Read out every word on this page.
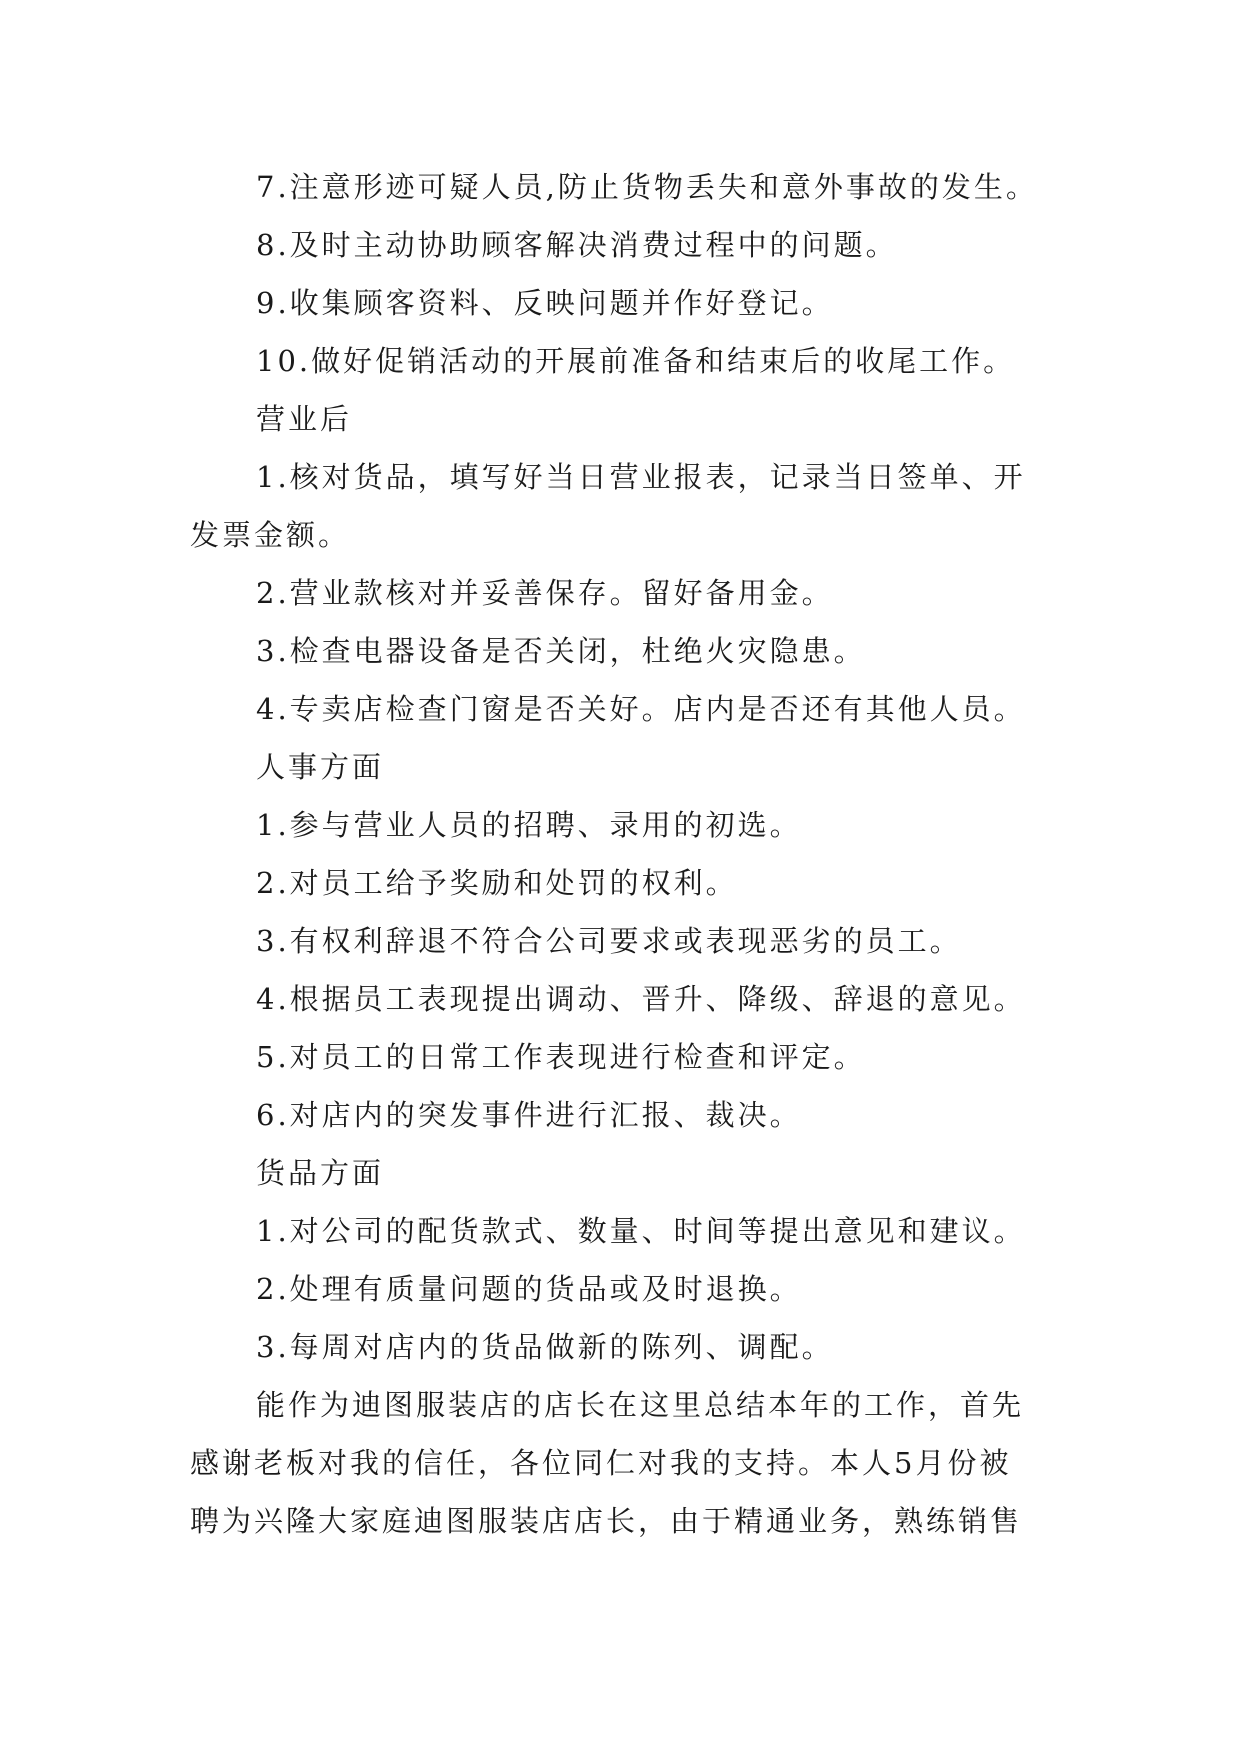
7.注意形迹可疑人员,防止货物丢失和意外事故的发生。
8.及时主动协助顾客解决消费过程中的问题。
9.收集顾客资料、反映问题并作好登记。
10.做好促销活动的开展前准备和结束后的收尾工作。
营业后
1.核对货品，填写好当日营业报表，记录当日签单、开
发票金额。
2.营业款核对并妥善保存。留好备用金。
3.检查电器设备是否关闭，杜绝火灾隐患。
4.专卖店检查门窗是否关好。店内是否还有其他人员。
人事方面
1.参与营业人员的招聘、录用的初选。
2.对员工给予奖励和处罚的权利。
3.有权利辞退不符合公司要求或表现恶劣的员工。
4.根据员工表现提出调动、晋升、降级、辞退的意见。
5.对员工的日常工作表现进行检查和评定。
6.对店内的突发事件进行汇报、裁决。
货品方面
1.对公司的配货款式、数量、时间等提出意见和建议。
2.处理有质量问题的货品或及时退换。
3.每周对店内的货品做新的陈列、调配。
能作为迪图服装店的店长在这里总结本年的工作，首先
感谢老板对我的信任，各位同仁对我的支持。本人5月份被
聘为兴隆大家庭迪图服装店店长，由于精通业务，熟练销售
